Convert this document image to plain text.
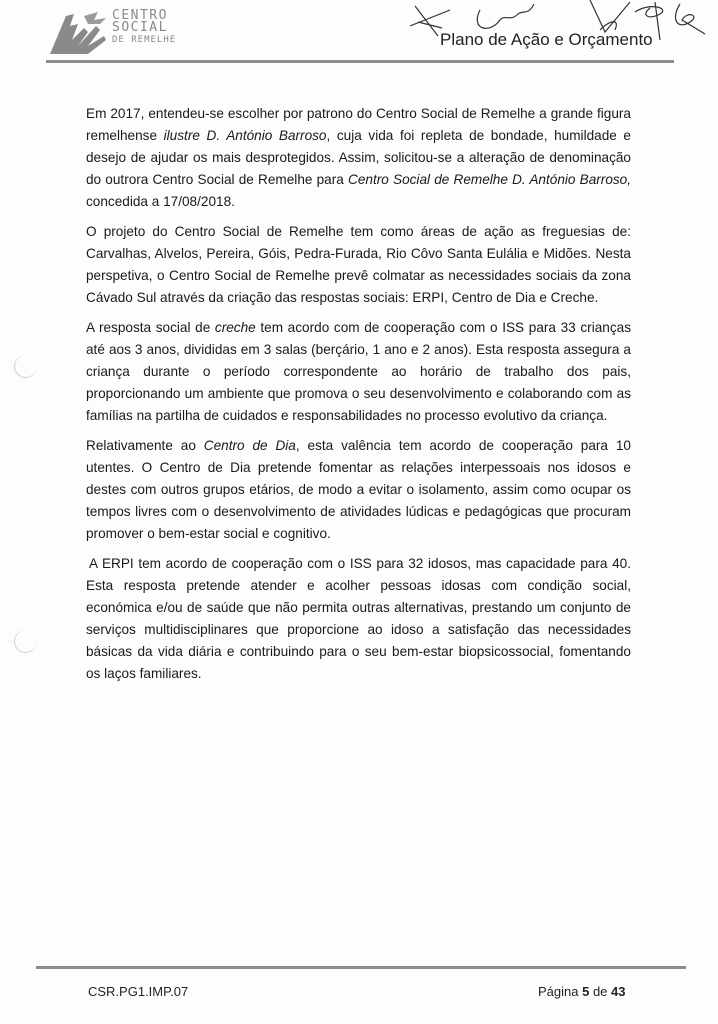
CENTRO
SOCIAL
DE REMELHE	Plano de Ação e Orçamento

Em 2017, entendeu-se escolher por patrono do Centro Social de Remelhe a grande figura remelhense ilustre D. António Barroso, cuja vida foi repleta de bondade, humildade e desejo de ajudar os mais desprotegidos. Assim, solicitou-se a alteração de denominação do outrora Centro Social de Remelhe para Centro Social de Remelhe D. António Barroso, concedida a 17/08/2018.

O projeto do Centro Social de Remelhe tem como áreas de ação as freguesias de: Carvalhas, Alvelos, Pereira, Góis, Pedra-Furada, Rio Côvo Santa Eulália e Midões. Nesta perspetiva, o Centro Social de Remelhe prevê colmatar as necessidades sociais da zona Cávado Sul através da criação das respostas sociais: ERPI, Centro de Dia e Creche.

A resposta social de creche tem acordo com de cooperação com o ISS para 33 crianças até aos 3 anos, divididas em 3 salas (berçário, 1 ano e 2 anos). Esta resposta assegura a criança durante o período correspondente ao horário de trabalho dos pais, proporcionando um ambiente que promova o seu desenvolvimento e colaborando com as famílias na partilha de cuidados e responsabilidades no processo evolutivo da criança.

Relativamente ao Centro de Dia, esta valência tem acordo de cooperação para 10 utentes. O Centro de Dia pretende fomentar as relações interpessoais nos idosos e destes com outros grupos etários, de modo a evitar o isolamento, assim como ocupar os tempos livres com o desenvolvimento de atividades lúdicas e pedagógicas que procuram promover o bem-estar social e cognitivo.

A ERPI tem acordo de cooperação com o ISS para 32 idosos, mas capacidade para 40. Esta resposta pretende atender e acolher pessoas idosas com condição social, económica e/ou de saúde que não permita outras alternativas, prestando um conjunto de serviços multidisciplinares que proporcione ao idoso a satisfação das necessidades básicas da vida diária e contribuindo para o seu bem-estar biopsicossocial, fomentando os laços familiares.

CSR.PG1.IMP.07	Página 5 de 43
